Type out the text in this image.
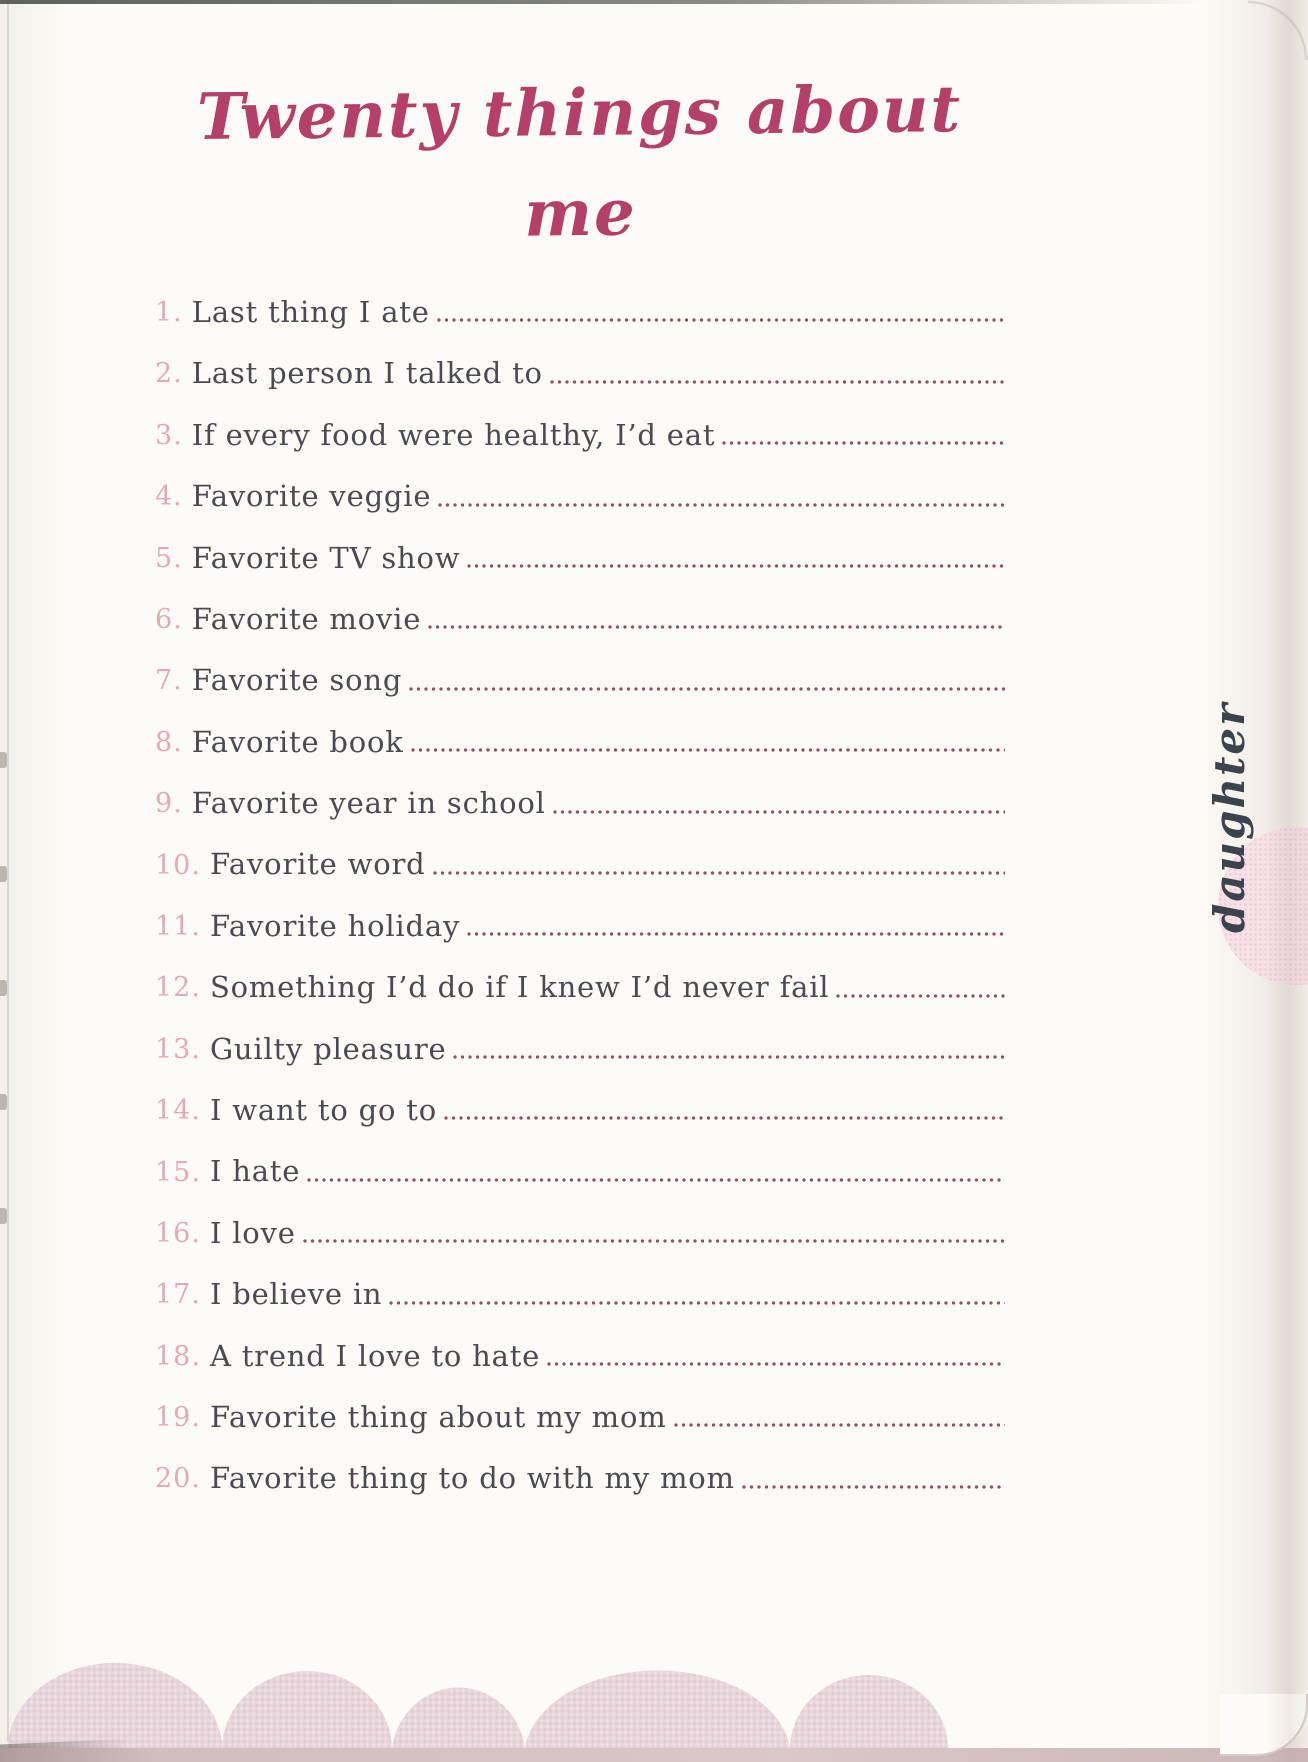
Twenty things about me
1. Last thing I ate
2. Last person I talked to
3. If every food were healthy, I’d eat
4. Favorite veggie
5. Favorite TV show
6. Favorite movie
7. Favorite song
8. Favorite book
9. Favorite year in school
10. Favorite word
11. Favorite holiday
12. Something I’d do if I knew I’d never fail
13. Guilty pleasure
14. I want to go to
15. I hate
16. I love
17. I believe in
18. A trend I love to hate
19. Favorite thing about my mom
20. Favorite thing to do with my mom
daughter
